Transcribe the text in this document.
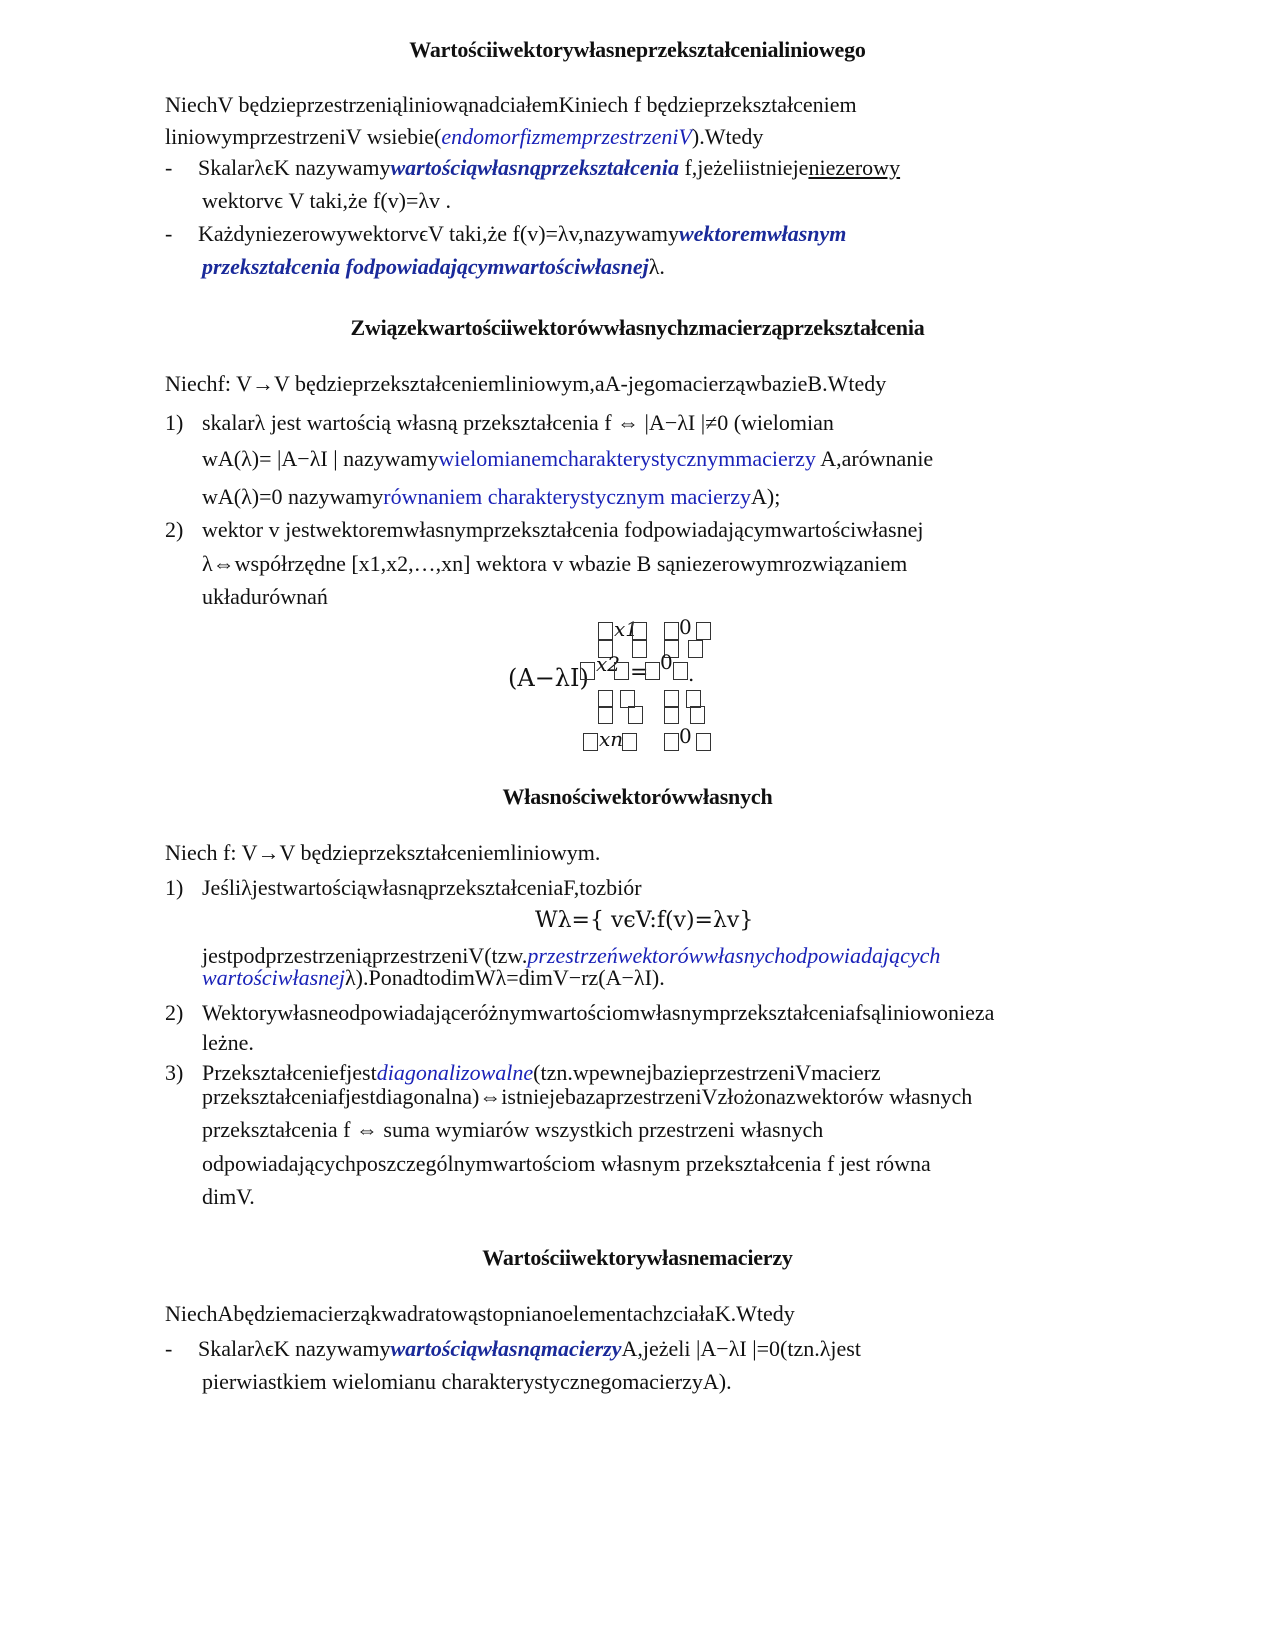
Wartościiwektorywłasneprzekształcenialiniowego
NiechV będzieprzestrzeniąliniowąnadciałemKiniech f będzieprzekształceniem
liniowymprzestrzeniV wsiebie(endomorfizmemprzestrzeniV).Wtedy
- SkalarλϵK nazywamywartościąwłasnąprzekształcenia f,jeżeliistniejeniezerowy
wektorvϵ V taki,że f(v)=λv .
- KażdyniezerowywektorvϵV taki,że f(v)=λv,nazywamywektoremwłasnym
przekształcenia fodpowiadającymwartościwłasnejλ.
Związekwartościiwektorówwłasnychzmacierząprzekształcenia
Niechf: V→V będzieprzekształceniemliniowym,aA-jegomacierząwbazieB.Wtedy
1) skalarλ jest wartością własną przekształcenia f ⇔ |A−λI |≠0 (wielomian
wA(λ)= |A−λI | nazywamywielomianemcharakterystycznymmacierzy A,arównanie
wA(λ)=0 nazywamyrównaniem charakterystycznym macierzyA);
2) wektor v jestwektoremwłasnymprzekształcenia fodpowiadającymwartościwłasnej
λ⇔współrzędne [x1,x2,…,xn] wektora v wbazie B sąniezerowymrozwiązaniem
układurównań
(A−λI)
x1
x2 =
xn
0
0 .
0
Własnościwektorówwłasnych
Niech f: V→V będzieprzekształceniemliniowym.
1) JeśliλjestwartościąwłasnąprzekształceniaF,tozbiór
Wλ={ vϵV:f(v)=λv}
jestpodprzestrzeniąprzestrzeniV(tzw.przestrzeńwektorówwłasnychodpowiadających
wartościwłasnejλ).PonadtodimWλ=dimV−rz(A−λI).
2) Wektorywłasneodpowiadająceróżnymwartościomwłasnymprzekształceniafsąliniowonieza
leżne.
3) Przekształceniefjestdiagonalizowalne(tzn.wpewnejbazieprzestrzeniVmacierz
przekształceniafjestdiagonalna)⇔istniejebazaprzestrzeniVzłożonazwektorów własnych
przekształcenia f ⇔ suma wymiarów wszystkich przestrzeni własnych
odpowiadającychposzczególnymwartościom własnym przekształcenia f jest równa
dimV.
Wartościiwektorywłasnemacierzy
NiechAbędziemacierząkwadratowąstopnianoelementachzciałaK.Wtedy
- SkalarλϵK nazywamywartościąwłasnąmacierzyA,jeżeli |A−λI |=0(tzn.λjest
pierwiastkiem wielomianu charakterystycznegomacierzyA).
